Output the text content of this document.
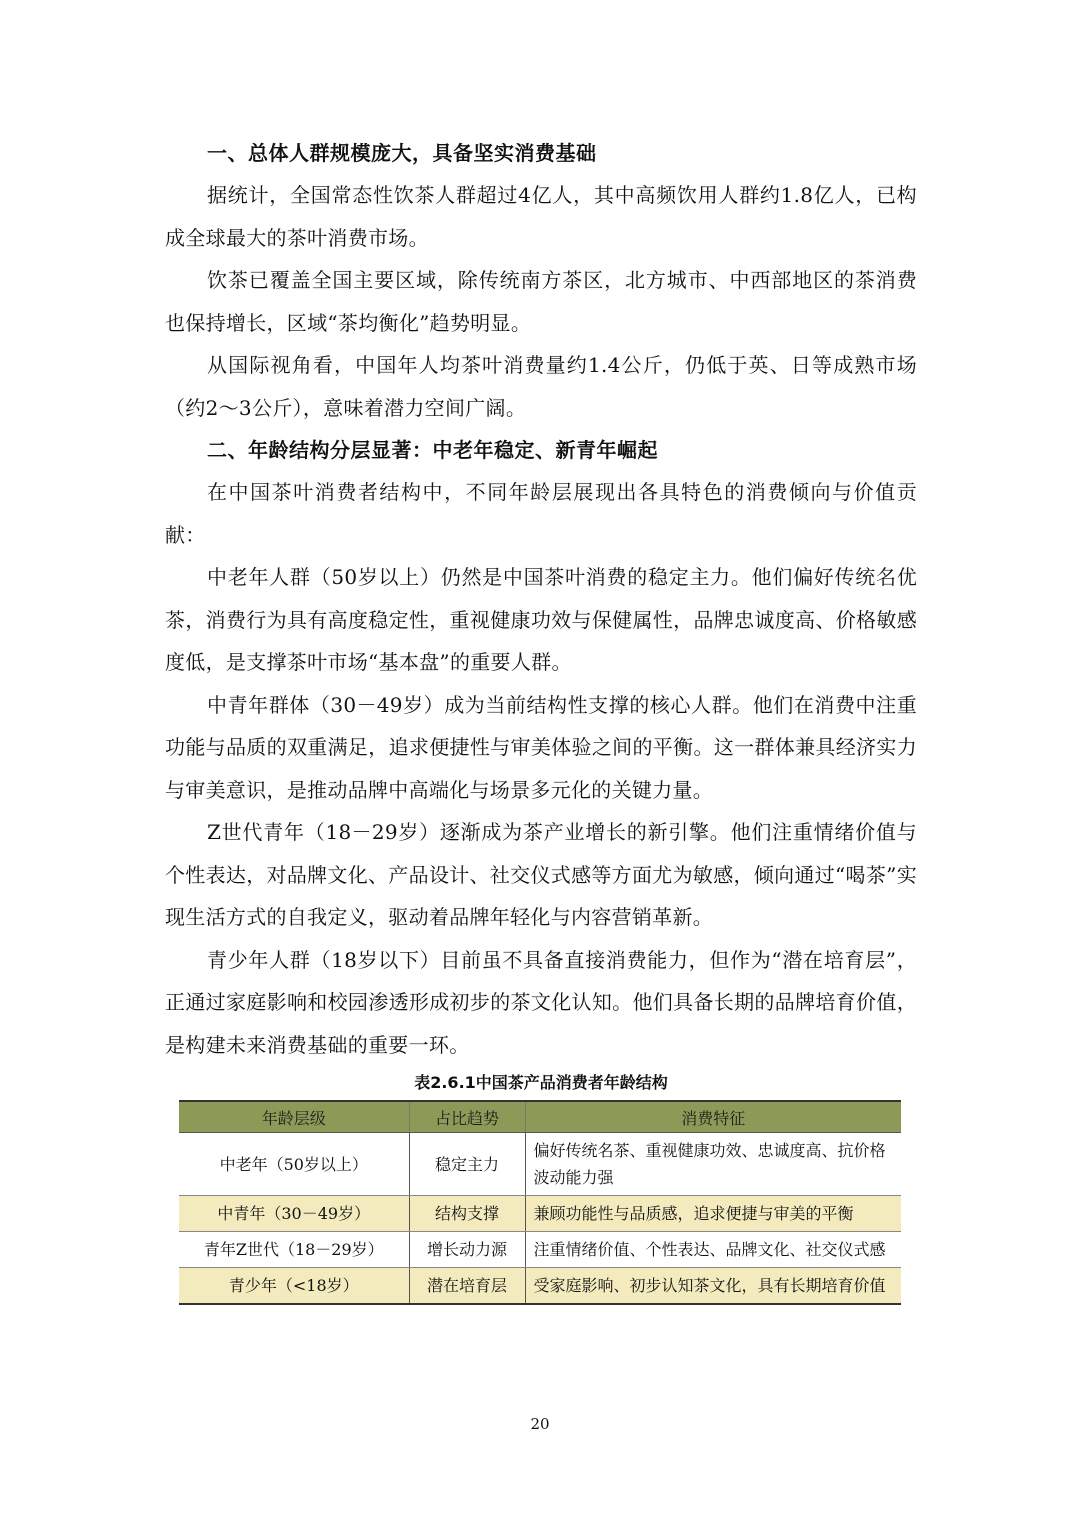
一、总体人群规模庞大，具备坚实消费基础

据统计，全国常态性饮茶人群超过4亿人，其中高频饮用人群约1.8亿人，已构成全球最大的茶叶消费市场。

饮茶已覆盖全国主要区域，除传统南方茶区，北方城市、中西部地区的茶消费也保持增长，区域“茶均衡化”趋势明显。

从国际视角看，中国年人均茶叶消费量约1.4公斤，仍低于英、日等成熟市场（约2～3公斤），意味着潜力空间广阔。

二、年龄结构分层显著：中老年稳定、新青年崛起

在中国茶叶消费者结构中，不同年龄层展现出各具特色的消费倾向与价值贡献：

中老年人群（50岁以上）仍然是中国茶叶消费的稳定主力。他们偏好传统名优茶，消费行为具有高度稳定性，重视健康功效与保健属性，品牌忠诚度高、价格敏感度低，是支撑茶叶市场“基本盘”的重要人群。

中青年群体（30－49岁）成为当前结构性支撑的核心人群。他们在消费中注重功能与品质的双重满足，追求便捷性与审美体验之间的平衡。这一群体兼具经济实力与审美意识，是推动品牌中高端化与场景多元化的关键力量。

Z世代青年（18－29岁）逐渐成为茶产业增长的新引擎。他们注重情绪价值与个性表达，对品牌文化、产品设计、社交仪式感等方面尤为敏感，倾向通过“喝茶”实现生活方式的自我定义，驱动着品牌年轻化与内容营销革新。

青少年人群（18岁以下）目前虽不具备直接消费能力，但作为“潜在培育层”，正通过家庭影响和校园渗透形成初步的茶文化认知。他们具备长期的品牌培育价值，是构建未来消费基础的重要一环。

表2.6.1中国茶产品消费者年龄结构
年龄层级	占比趋势	消费特征
中老年（50岁以上）	稳定主力	偏好传统名茶、重视健康功效、忠诚度高、抗价格波动能力强
中青年（30－49岁）	结构支撑	兼顾功能性与品质感，追求便捷与审美的平衡
青年Z世代（18－29岁）	增长动力源	注重情绪价值、个性表达、品牌文化、社交仪式感
青少年（<18岁）	潜在培育层	受家庭影响、初步认知茶文化，具有长期培育价值
20
